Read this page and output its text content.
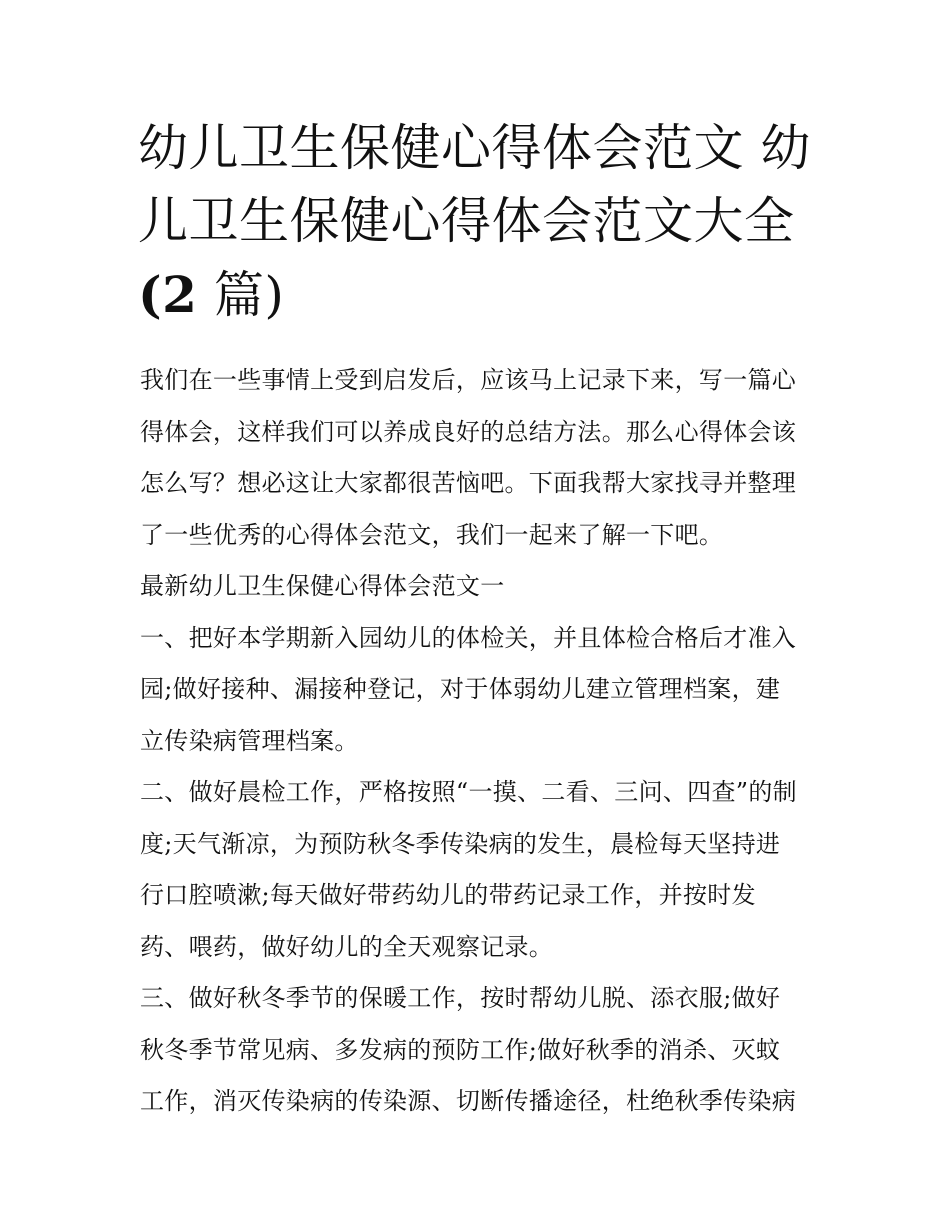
幼儿卫生保健心得体会范文 幼
儿卫生保健心得体会范文大全
(2 篇)
我们在一些事情上受到启发后，应该马上记录下来，写一篇心
得体会，这样我们可以养成良好的总结方法。那么心得体会该
怎么写？想必这让大家都很苦恼吧。下面我帮大家找寻并整理
了一些优秀的心得体会范文，我们一起来了解一下吧。
最新幼儿卫生保健心得体会范文一
一、把好本学期新入园幼儿的体检关，并且体检合格后才准入
园;做好接种、漏接种登记，对于体弱幼儿建立管理档案，建
立传染病管理档案。
二、做好晨检工作，严格按照“一摸、二看、三问、四查”的制
度;天气渐凉，为预防秋冬季传染病的发生，晨检每天坚持进
行口腔喷漱;每天做好带药幼儿的带药记录工作，并按时发
药、喂药，做好幼儿的全天观察记录。
三、做好秋冬季节的保暖工作，按时帮幼儿脱、添衣服;做好
秋冬季节常见病、多发病的预防工作;做好秋季的消杀、灭蚊
工作，消灭传染病的传染源、切断传播途径，杜绝秋季传染病
